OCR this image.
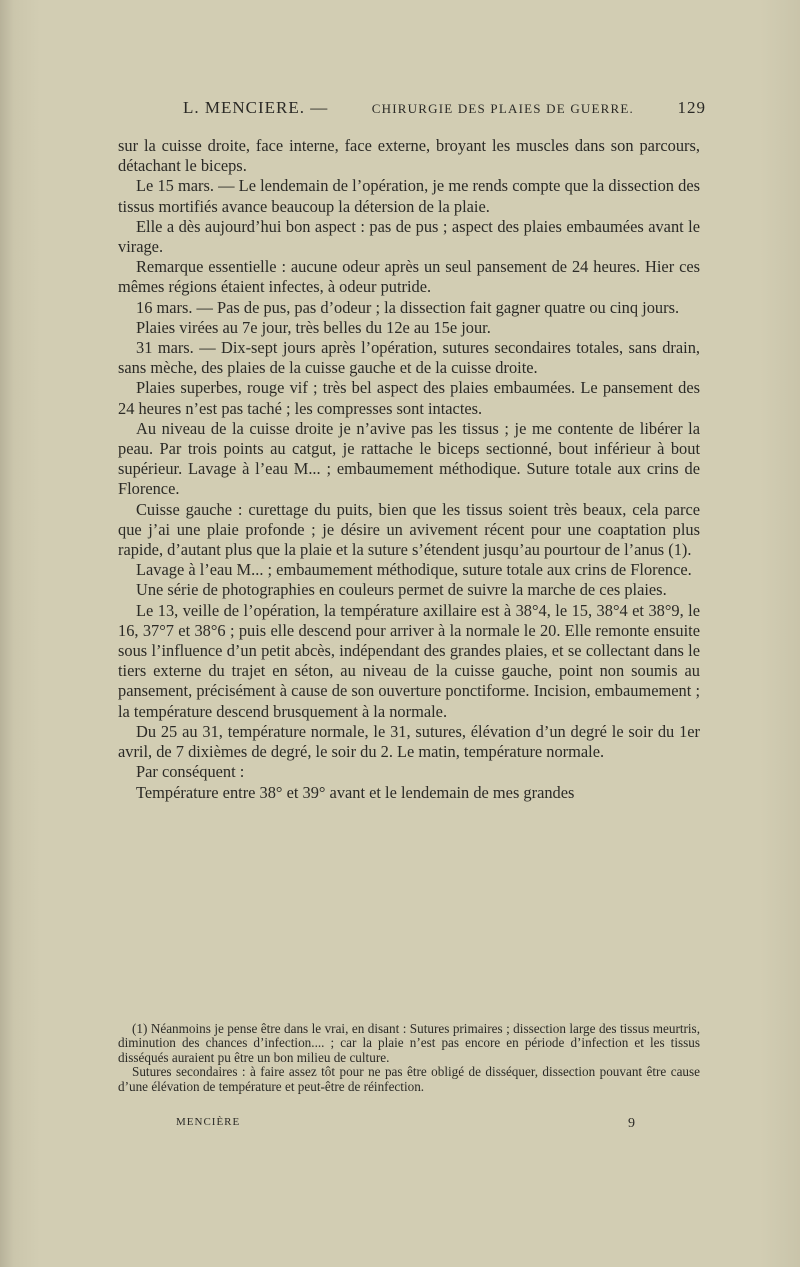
L. MENCIERE. —	CHIRURGIE DES PLAIES DE GUERRE.	129

sur la cuisse droite, face interne, face externe, broyant les muscles dans son parcours, détachant le biceps.

Le 15 mars. — Le lendemain de l’opération, je me rends compte que la dissection des tissus mortifiés avance beaucoup la détersion de la plaie.

Elle a dès aujourd’hui bon aspect : pas de pus ; aspect des plaies embaumées avant le virage.

Remarque essentielle : aucune odeur après un seul pansement de 24 heures. Hier ces mêmes régions étaient infectes, à odeur putride.

16 mars. — Pas de pus, pas d’odeur ; la dissection fait gagner quatre ou cinq jours.

Plaies virées au 7e jour, très belles du 12e au 15e jour.

31 mars. — Dix-sept jours après l’opération, sutures secondaires totales, sans drain, sans mèche, des plaies de la cuisse gauche et de la cuisse droite.

Plaies superbes, rouge vif ; très bel aspect des plaies embaumées. Le pansement des 24 heures n’est pas taché ; les compresses sont intactes.

Au niveau de la cuisse droite je n’avive pas les tissus ; je me contente de libérer la peau. Par trois points au catgut, je rattache le biceps sectionné, bout inférieur à bout supérieur. Lavage à l’eau M... ; embaumement méthodique. Suture totale aux crins de Florence.

Cuisse gauche : curettage du puits, bien que les tissus soient très beaux, cela parce que j’ai une plaie profonde ; je désire un avivement récent pour une coaptation plus rapide, d’autant plus que la plaie et la suture s’étendent jusqu’au pourtour de l’anus (1).

Lavage à l’eau M... ; embaumement méthodique, suture totale aux crins de Florence.

Une série de photographies en couleurs permet de suivre la marche de ces plaies.

Le 13, veille de l’opération, la température axillaire est à 38°4, le 15, 38°4 et 38°9, le 16, 37°7 et 38°6 ; puis elle descend pour arriver à la normale le 20. Elle remonte ensuite sous l’influence d’un petit abcès, indépendant des grandes plaies, et se collectant dans le tiers externe du trajet en séton, au niveau de la cuisse gauche, point non soumis au pansement, précisément à cause de son ouverture ponctiforme. Incision, embaumement ; la température descend brusquement à la normale.

Du 25 au 31, température normale, le 31, sutures, élévation d’un degré le soir du 1er avril, de 7 dixièmes de degré, le soir du 2. Le matin, température normale.

Par conséquent :

Température entre 38° et 39° avant et le lendemain de mes grandes

(1) Néanmoins je pense être dans le vrai, en disant : Sutures primaires ; dissection large des tissus meurtris, diminution des chances d’infection.... ; car la plaie n’est pas encore en période d’infection et les tissus disséqués auraient pu être un bon milieu de culture.

Sutures secondaires : à faire assez tôt pour ne pas être obligé de disséquer, dissection pouvant être cause d’une élévation de température et peut-être de réinfection.

MENCIÈRE	9
